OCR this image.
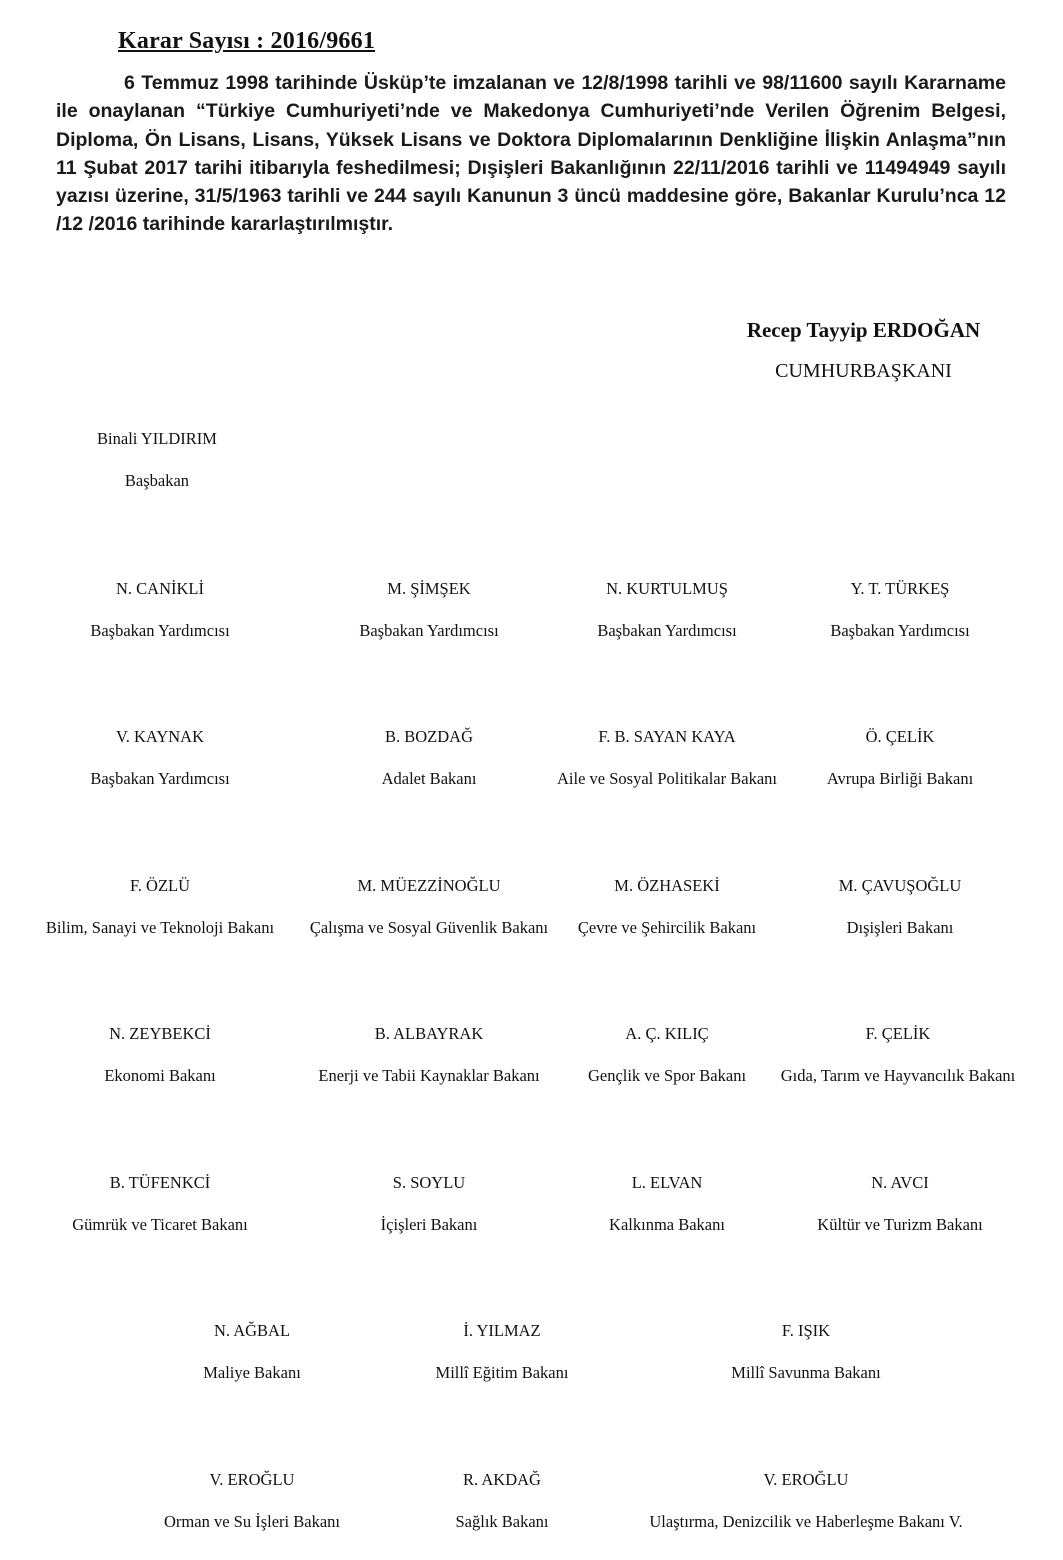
Karar Sayısı : 2016/9661
6 Temmuz 1998 tarihinde Üsküp’te imzalanan ve 12/8/1998 tarihli ve 98/11600 sayılı Kararname ile onaylanan “Türkiye Cumhuriyeti’nde ve Makedonya Cumhuriyeti’nde Verilen Öğrenim Belgesi, Diploma, Ön Lisans, Lisans, Yüksek Lisans ve Doktora Diplomalarının Denkliğine İlişkin Anlaşma”nın 11 Şubat 2017 tarihi itibarıyla feshedilmesi; Dışişleri Bakanlığının 22/11/2016 tarihli ve 11494949 sayılı yazısı üzerine, 31/5/1963 tarihli ve 244 sayılı Kanunun 3 üncü maddesine göre, Bakanlar Kurulu’nca 12 /12 /2016 tarihinde kararlaştırılmıştır.
Recep Tayyip ERDOĞAN
CUMHURBAŞKANI
Binali YILDIRIM
Başbakan
N. CANİKLİ
Başbakan Yardımcısı
M. ŞİMŞEK
Başbakan Yardımcısı
N. KURTULMUŞ
Başbakan Yardımcısı
Y. T. TÜRKEŞ
Başbakan Yardımcısı
V. KAYNAK
Başbakan Yardımcısı
B. BOZDAĞ
Adalet Bakanı
F. B. SAYAN KAYA
Aile ve Sosyal Politikalar Bakanı
Ö. ÇELİK
Avrupa Birliği Bakanı
F. ÖZLÜ
Bilim, Sanayi ve Teknoloji Bakanı
M. MÜEZZİNOĞLU
Çalışma ve Sosyal Güvenlik Bakanı
M. ÖZHASEKİ
Çevre ve Şehircilik Bakanı
M. ÇAVUŞOĞLU
Dışişleri Bakanı
N. ZEYBEKCİ
Ekonomi Bakanı
B. ALBAYRAK
Enerji ve Tabii Kaynaklar Bakanı
A. Ç. KILIÇ
Gençlik ve Spor Bakanı
F. ÇELİK
Gıda, Tarım ve Hayvancılık Bakanı
B. TÜFENKCİ
Gümrük ve Ticaret Bakanı
S. SOYLU
İçişleri Bakanı
L. ELVAN
Kalkınma Bakanı
N. AVCI
Kültür ve Turizm Bakanı
N. AĞBAL
Maliye Bakanı
İ. YILMAZ
Millî Eğitim Bakanı
F. IŞIK
Millî Savunma Bakanı
V. EROĞLU
Orman ve Su İşleri Bakanı
R. AKDAĞ
Sağlık Bakanı
V. EROĞLU
Ulaştırma, Denizcilik ve Haberleşme Bakanı V.
